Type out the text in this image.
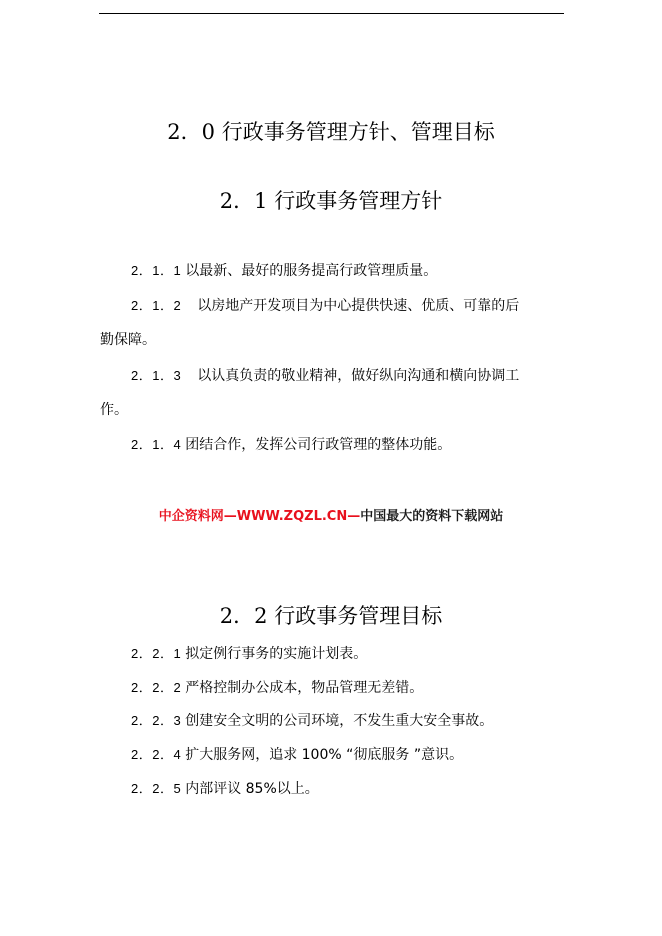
2．0 行政事务管理方针、管理目标
2．1 行政事务管理方针
2．1．1 以最新、最好的服务提高行政管理质量。
2．1．2 以房地产开发项目为中心提供快速、优质、可靠的后
勤保障。
2．1．3 以认真负责的敬业精神，做好纵向沟通和横向协调工
作。
2．1．4 团结合作，发挥公司行政管理的整体功能。
中企资料网—WWW.ZQZL.CN—中国最大的资料下载网站
2．2 行政事务管理目标
2．2．1 拟定例行事务的实施计划表。
2．2．2 严格控制办公成本，物品管理无差错。
2．2．3 创建安全文明的公司环境，不发生重大安全事故。
2．2．4 扩大服务网，追求 100% “彻底服务 ”意识。
2．2．5 内部评议 85%以上。
